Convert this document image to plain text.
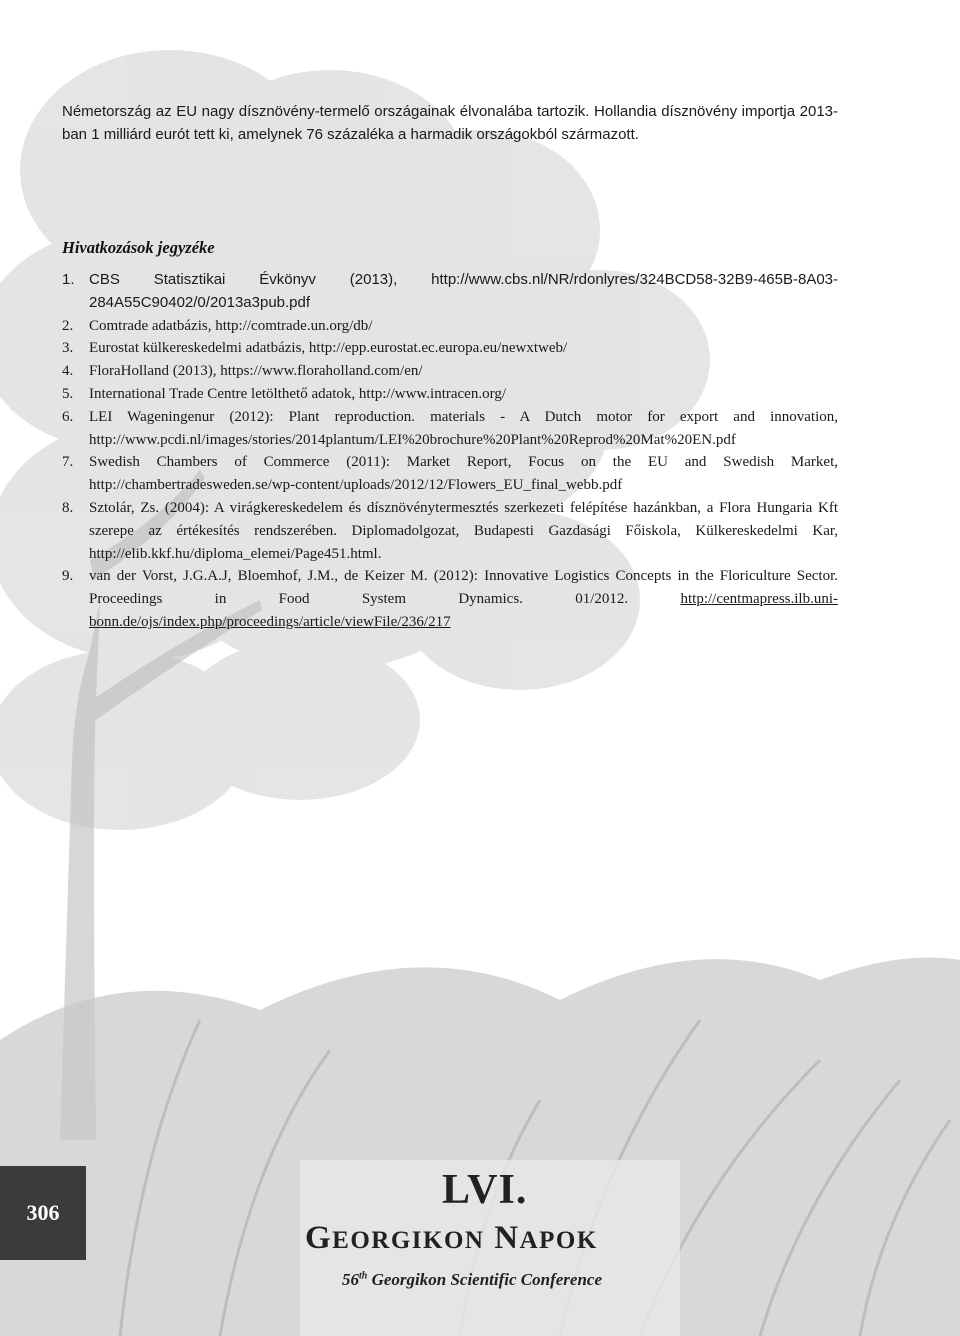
Németország az EU nagy dísznövény-termelő országainak élvonalába tartozik. Hollandia dísznövény importja 2013-ban 1 milliárd eurót tett ki, amelynek 76 százaléka a harmadik országokból származott.

Hivatkozások jegyzéke
1. CBS Statisztikai Évkönyv (2013), http://www.cbs.nl/NR/rdonlyres/324BCD58-32B9-465B-8A03-284A55C90402/0/2013a3pub.pdf
2. Comtrade adatbázis, http://comtrade.un.org/db/
3. Eurostat külkereskedelmi adatbázis, http://epp.eurostat.ec.europa.eu/newxtweb/
4. FloraHolland (2013), https://www.floraholland.com/en/
5. International Trade Centre letölthető adatok, http://www.intracen.org/
6. LEI Wageningenur (2012): Plant reproduction. materials - A Dutch motor for export and innovation, http://www.pcdi.nl/images/stories/2014plantum/LEI%20brochure%20Plant%20Reprod%20Mat%20EN.pdf
7. Swedish Chambers of Commerce (2011): Market Report, Focus on the EU and Swedish Market, http://chambertradesweden.se/wp-content/uploads/2012/12/Flowers_EU_final_webb.pdf
8. Sztolár, Zs. (2004): A virágkereskedelem és dísznövénytermesztés szerkezeti felépítése hazánkban, a Flora Hungaria Kft szerepe az értékesítés rendszerében. Diplomadolgozat, Budapesti Gazdasági Főiskola, Külkereskedelmi Kar, http://elib.kkf.hu/diploma_elemei/Page451.html.
9. van der Vorst, J.G.A.J, Bloemhof, J.M., de Keizer M. (2012): Innovative Logistics Concepts in the Floriculture Sector. Proceedings in Food System Dynamics. 01/2012.	http://centmapress.ilb.uni-bonn.de/ojs/index.php/proceedings/article/viewFile/236/217
306	LVI.
GEORGIKON NAPOK
56th Georgikon Scientific Conference
